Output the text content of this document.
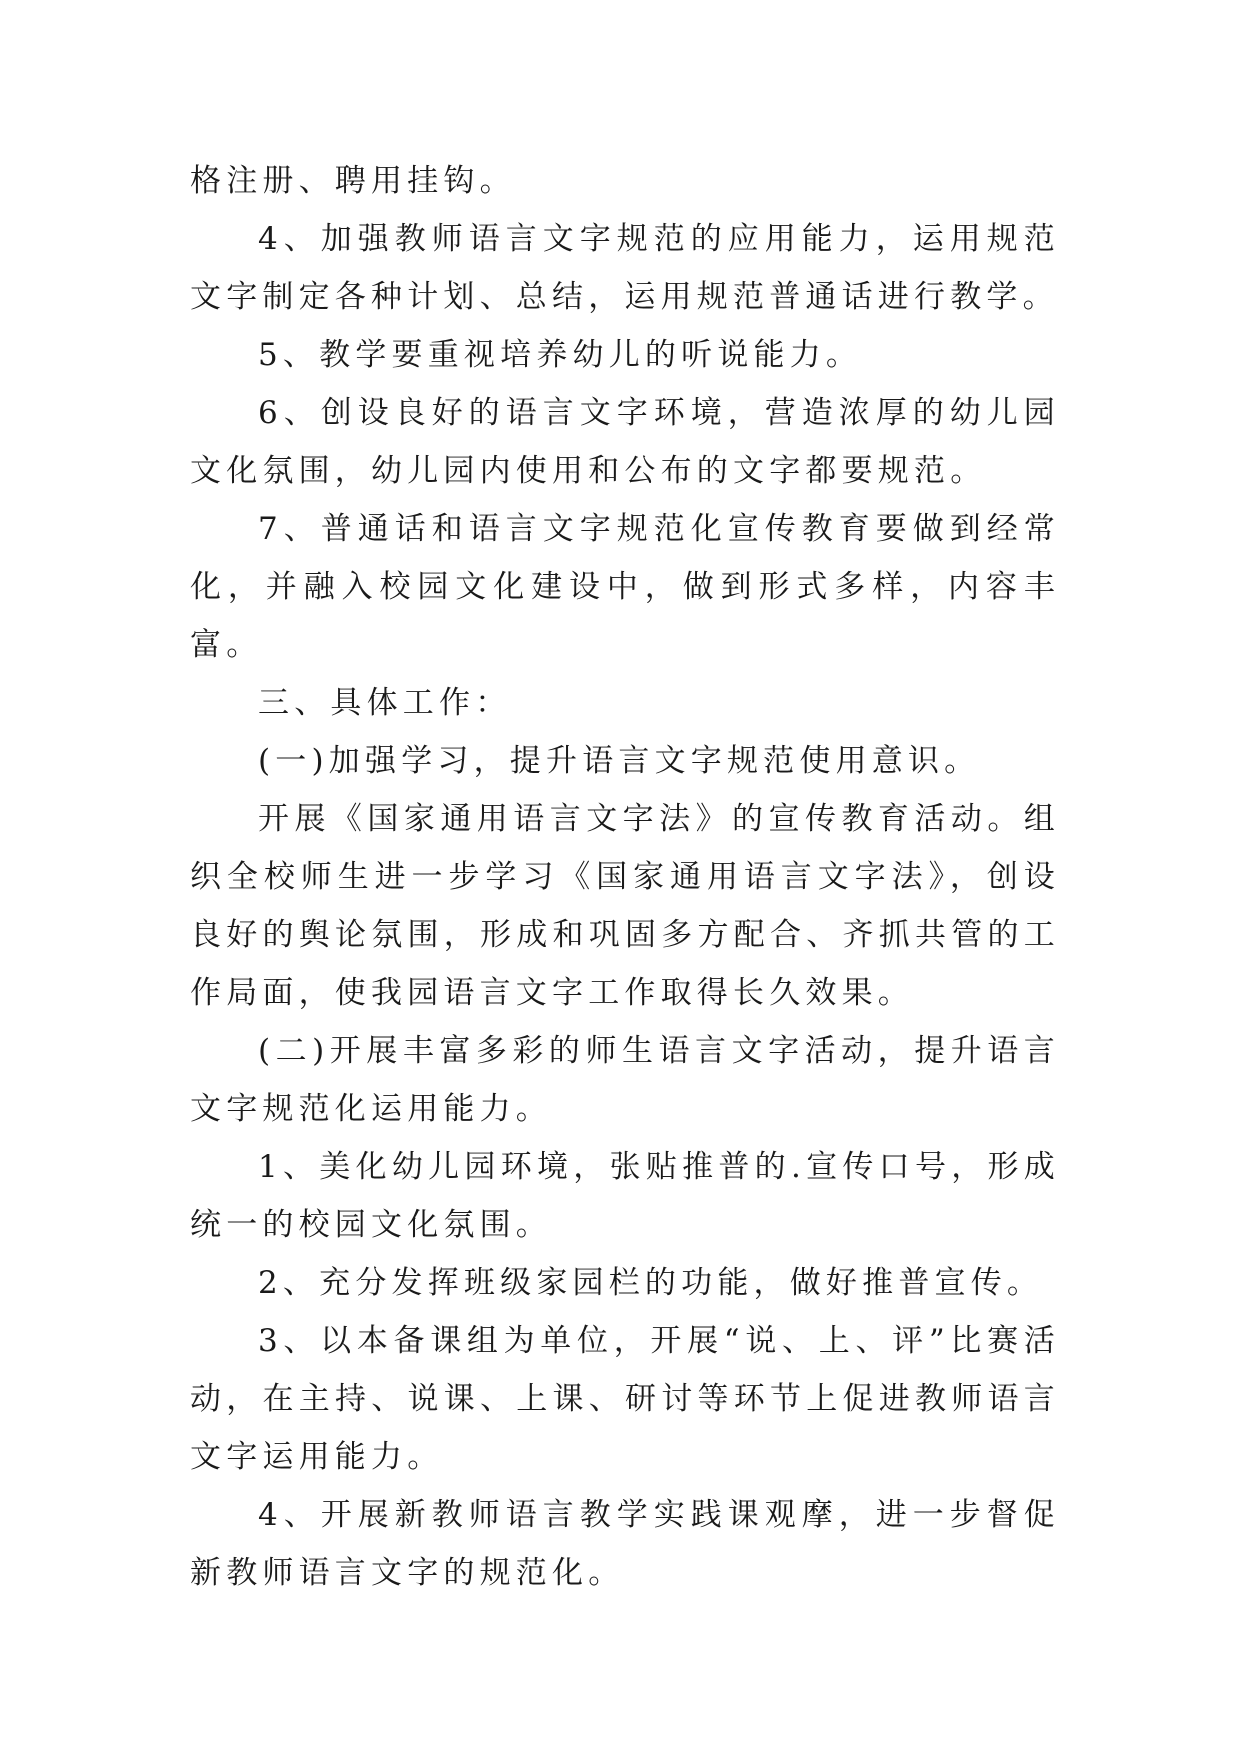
格注册、聘用挂钩。

4、加强教师语言文字规范的应用能力，运用规范文字制定各种计划、总结，运用规范普通话进行教学。

5、教学要重视培养幼儿的听说能力。

6、创设良好的语言文字环境，营造浓厚的幼儿园文化氛围，幼儿园内使用和公布的文字都要规范。

7、普通话和语言文字规范化宣传教育要做到经常化，并融入校园文化建设中，做到形式多样，内容丰富。

三、具体工作：

(一)加强学习，提升语言文字规范使用意识。

开展《国家通用语言文字法》的宣传教育活动。组织全校师生进一步学习《国家通用语言文字法》，创设良好的舆论氛围，形成和巩固多方配合、齐抓共管的工作局面，使我园语言文字工作取得长久效果。

(二)开展丰富多彩的师生语言文字活动，提升语言文字规范化运用能力。

1、美化幼儿园环境，张贴推普的.宣传口号，形成统一的校园文化氛围。

2、充分发挥班级家园栏的功能，做好推普宣传。

3、以本备课组为单位，开展“说、上、评”比赛活动，在主持、说课、上课、研讨等环节上促进教师语言文字运用能力。

4、开展新教师语言教学实践课观摩，进一步督促新教师语言文字的规范化。
